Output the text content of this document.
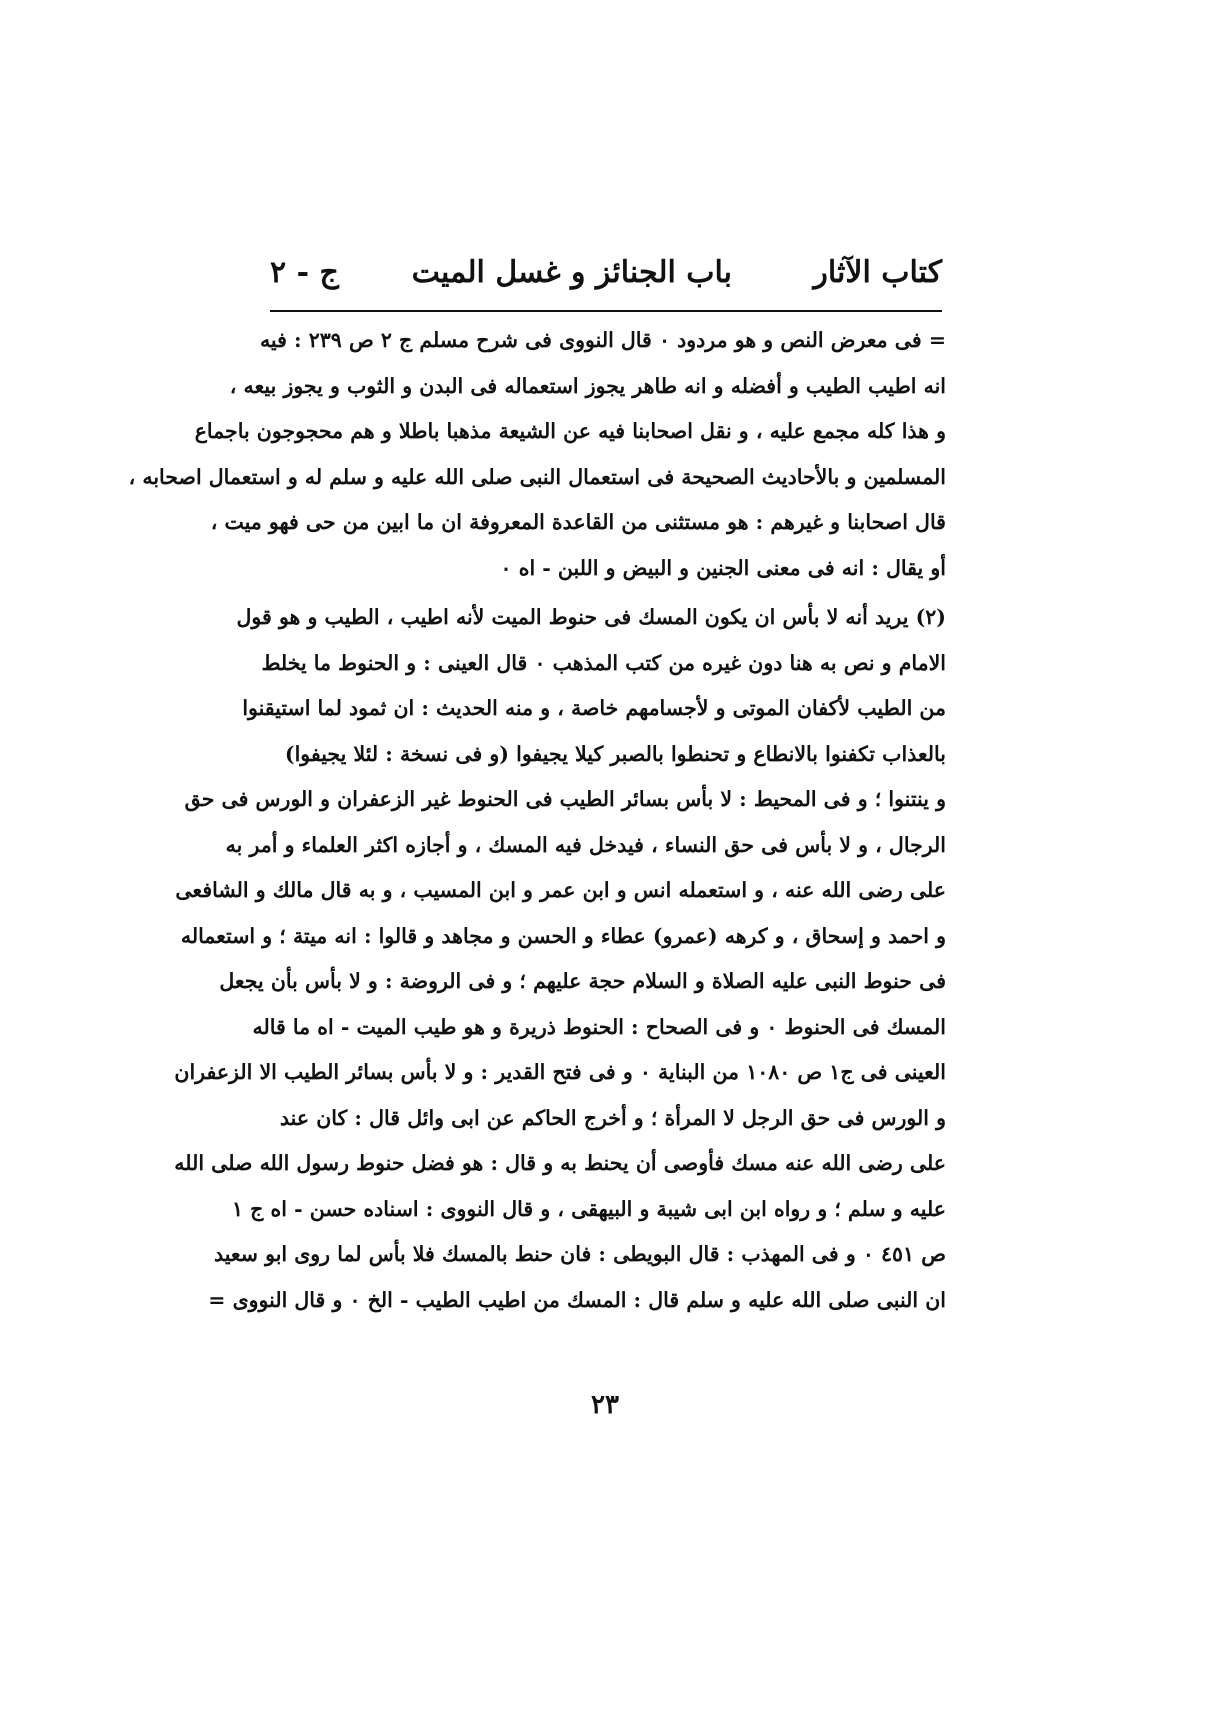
كتاب الآثار
باب الجنائز و غسل الميت
ج - ٢
= فى معرض النص و هو مردود ٠ قال النووى فى شرح مسلم ج ٢ ص ٢٣٩ : فيه
انه اطيب الطيب و أفضله و انه طاهر يجوز استعماله فى البدن و الثوب و يجوز بيعه ،
و هذا كله مجمع عليه ، و نقل اصحابنا فيه عن الشيعة مذهبا باطلا و هم محجوجون باجماع
المسلمين و بالأحاديث الصحيحة فى استعمال النبى صلى الله عليه و سلم له و استعمال اصحابه ،
قال اصحابنا و غيرهم : هو مستثنى من القاعدة المعروفة ان ما ابين من حى فهو ميت ،
أو يقال : انه فى معنى الجنين و البيض و اللبن - اه ٠
(٢) يريد أنه لا بأس ان يكون المسك فى حنوط الميت لأنه اطيب ، الطيب و هو قول
الامام و نص به هنا دون غيره من كتب المذهب ٠ قال العينى : و الحنوط ما يخلط
من الطيب لأكفان الموتى و لأجسامهم خاصة ، و منه الحديث : ان ثمود لما استيقنوا
بالعذاب تكفنوا بالانطاع و تحنطوا بالصبر كيلا يجيفوا (و فى نسخة : لئلا يجيفوا)
و ينتنوا ؛ و فى المحيط : لا بأس بسائر الطيب فى الحنوط غير الزعفران و الورس فى حق
الرجال ، و لا بأس فى حق النساء ، فيدخل فيه المسك ، و أجازه اكثر العلماء و أمر به
على رضى الله عنه ، و استعمله انس و ابن عمر و ابن المسيب ، و به قال مالك و الشافعى
و احمد و إسحاق ، و كرهه (عمرو) عطاء و الحسن و مجاهد و قالوا : انه ميتة ؛ و استعماله
فى حنوط النبى عليه الصلاة و السلام حجة عليهم ؛ و فى الروضة : و لا بأس بأن يجعل
المسك فى الحنوط ٠ و فى الصحاح : الحنوط ذريرة و هو طيب الميت - اه ما قاله
العينى فى ج١ ص ١٠٨٠ من البناية ٠ و فى فتح القدير : و لا بأس بسائر الطيب الا الزعفران
و الورس فى حق الرجل لا المرأة ؛ و أخرج الحاكم عن ابى وائل قال : كان عند
على رضى الله عنه مسك فأوصى أن يحنط به و قال : هو فضل حنوط رسول الله صلى الله
عليه و سلم ؛ و رواه ابن ابى شيبة و البيهقى ، و قال النووى : اسناده حسن - اه ج ١
ص ٤٥١ ٠ و فى المهذب : قال البويطى : فان حنط بالمسك فلا بأس لما روى ابو سعيد
ان النبى صلى الله عليه و سلم قال : المسك من اطيب الطيب - الخ ٠ و قال النووى =
٢٣
